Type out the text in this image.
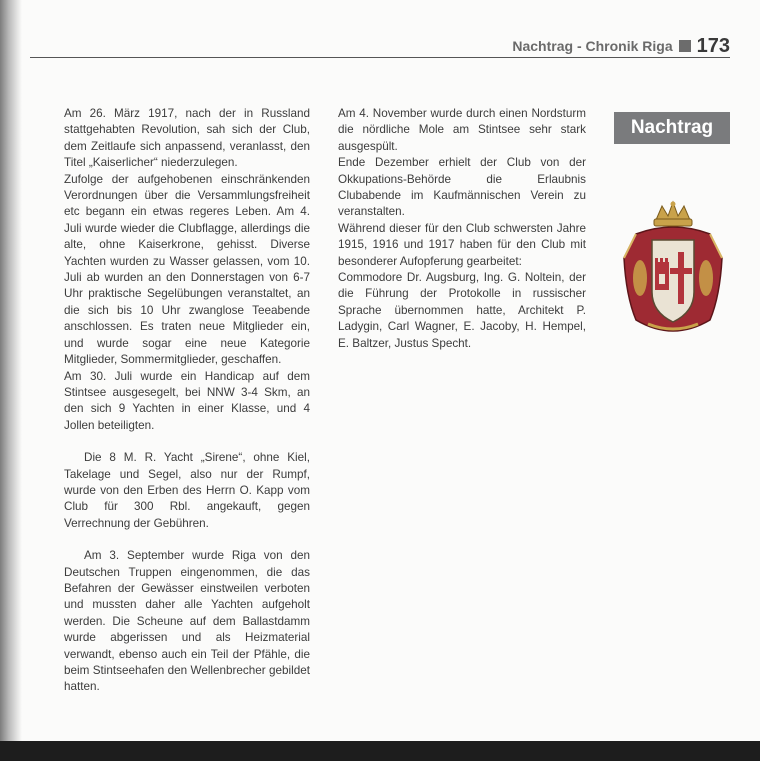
Nachtrag - Chronik Riga 173

Am 26. März 1917, nach der in Russland stattgehabten Revolution, sah sich der Club, dem Zeitlaufe sich anpassend, veranlasst, den Titel „Kaiserlicher“ niederzulegen.

Zufolge der aufgehobenen einschränkenden Verordnungen über die Versammlungsfreiheit etc begann ein etwas regeres Leben. Am 4. Juli wurde wieder die Clubflagge, allerdings die alte, ohne Kaiserkrone, gehisst. Diverse Yachten wurden zu Wasser gelassen, vom 10. Juli ab wurden an den Donnerstagen von 6-7 Uhr praktische Segelübungen veranstaltet, an die sich bis 10 Uhr zwanglose Teeabende anschlossen. Es traten neue Mitglieder ein, und wurde sogar eine neue Kategorie Mitglieder, Sommermitglieder, geschaffen.

Am 30. Juli wurde ein Handicap auf dem Stintsee ausgesegelt, bei NNW 3-4 Skm, an den sich 9 Yachten in einer Klasse, und 4 Jollen beteiligten.

Die 8 M. R. Yacht „Sirene“, ohne Kiel, Takelage und Segel, also nur der Rumpf, wurde von den Erben des Herrn O. Kapp vom Club für 300 Rbl. angekauft, gegen Verrechnung der Gebühren.

Am 3. September wurde Riga von den Deutschen Truppen eingenommen, die das Befahren der Gewässer einstweilen verboten und mussten daher alle Yachten aufgeholt werden. Die Scheune auf dem Ballastdamm wurde abgerissen und als Heizmaterial verwandt, ebenso auch ein Teil der Pfähle, die beim Stintseehafen den Wellenbrecher gebildet hatten.

Am 4. November wurde durch einen Nordsturm die nördliche Mole am Stintsee sehr stark ausgespült.

Ende Dezember erhielt der Club von der Okkupations-Behörde die Erlaubnis Clubabende im Kaufmännischen Verein zu veranstalten.

Während dieser für den Club schwersten Jahre 1915, 1916 und 1917 haben für den Club mit besonderer Aufopferung gearbeitet:

Commodore Dr. Augsburg, Ing. G. Noltein, der die Führung der Protokolle in russischer Sprache übernommen hatte, Architekt P. Ladygin, Carl Wagner, E. Jacoby, H. Hempel, E. Baltzer, Justus Specht.

Nachtrag
